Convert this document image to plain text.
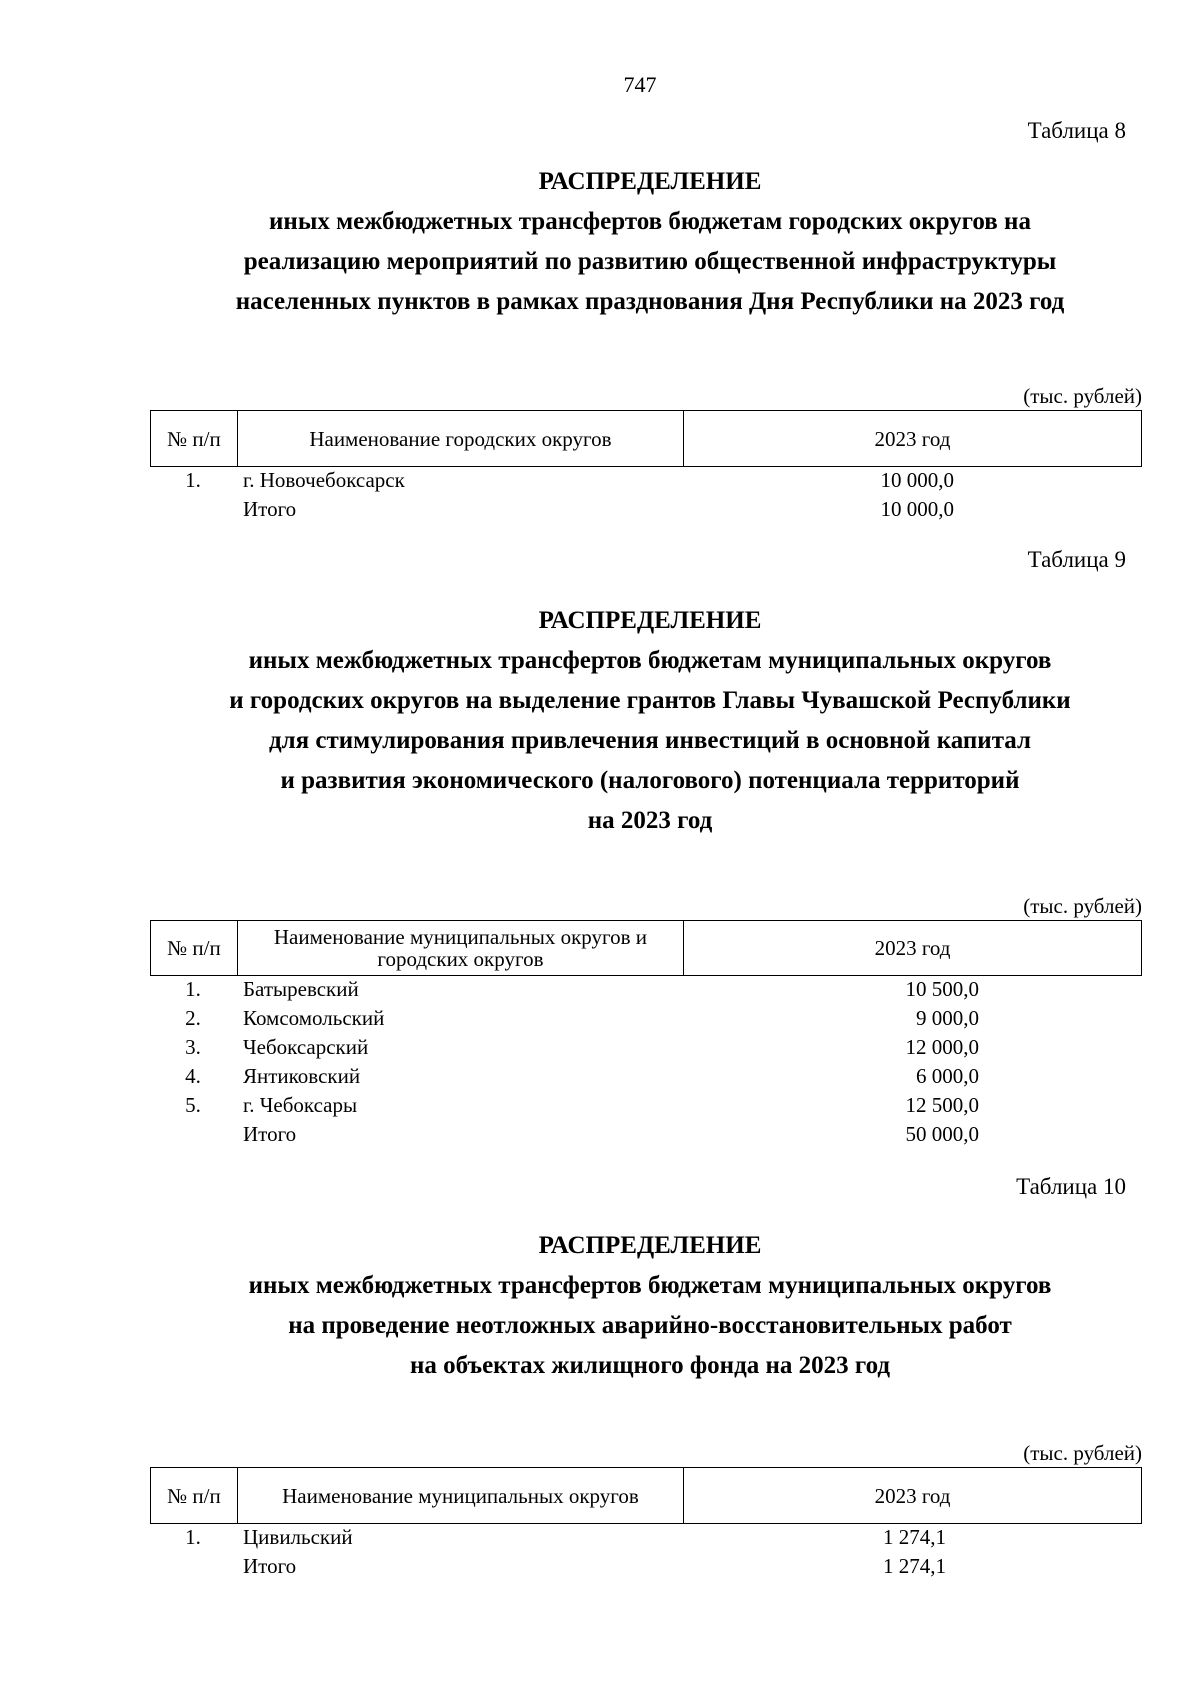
747
Таблица 8
РАСПРЕДЕЛЕНИЕ
иных межбюджетных трансфертов бюджетам городских округов на
реализацию мероприятий по развитию общественной инфраструктуры
населенных пунктов в рамках празднования Дня Республики на 2023 год
(тыс. рублей)
№ п/п	Наименование городских округов	2023 год
1.	г. Новочебоксарск	10 000,0
Итого	10 000,0
Таблица 9
РАСПРЕДЕЛЕНИЕ
иных межбюджетных трансфертов бюджетам муниципальных округов
и городских округов на выделение грантов Главы Чувашской Республики
для стимулирования привлечения инвестиций в основной капитал
и развития экономического (налогового) потенциала территорий
на 2023 год
(тыс. рублей)
№ п/п	Наименование муниципальных округов и городских округов	2023 год
1.	Батыревский	10 500,0
2.	Комсомольский	9 000,0
3.	Чебоксарский	12 000,0
4.	Янтиковский	6 000,0
5.	г. Чебоксары	12 500,0
Итого	50 000,0
Таблица 10
РАСПРЕДЕЛЕНИЕ
иных межбюджетных трансфертов бюджетам муниципальных округов
на проведение неотложных аварийно-восстановительных работ
на объектах жилищного фонда на 2023 год
(тыс. рублей)
№ п/п	Наименование муниципальных округов	2023 год
1.	Цивильский	1 274,1
Итого	1 274,1
